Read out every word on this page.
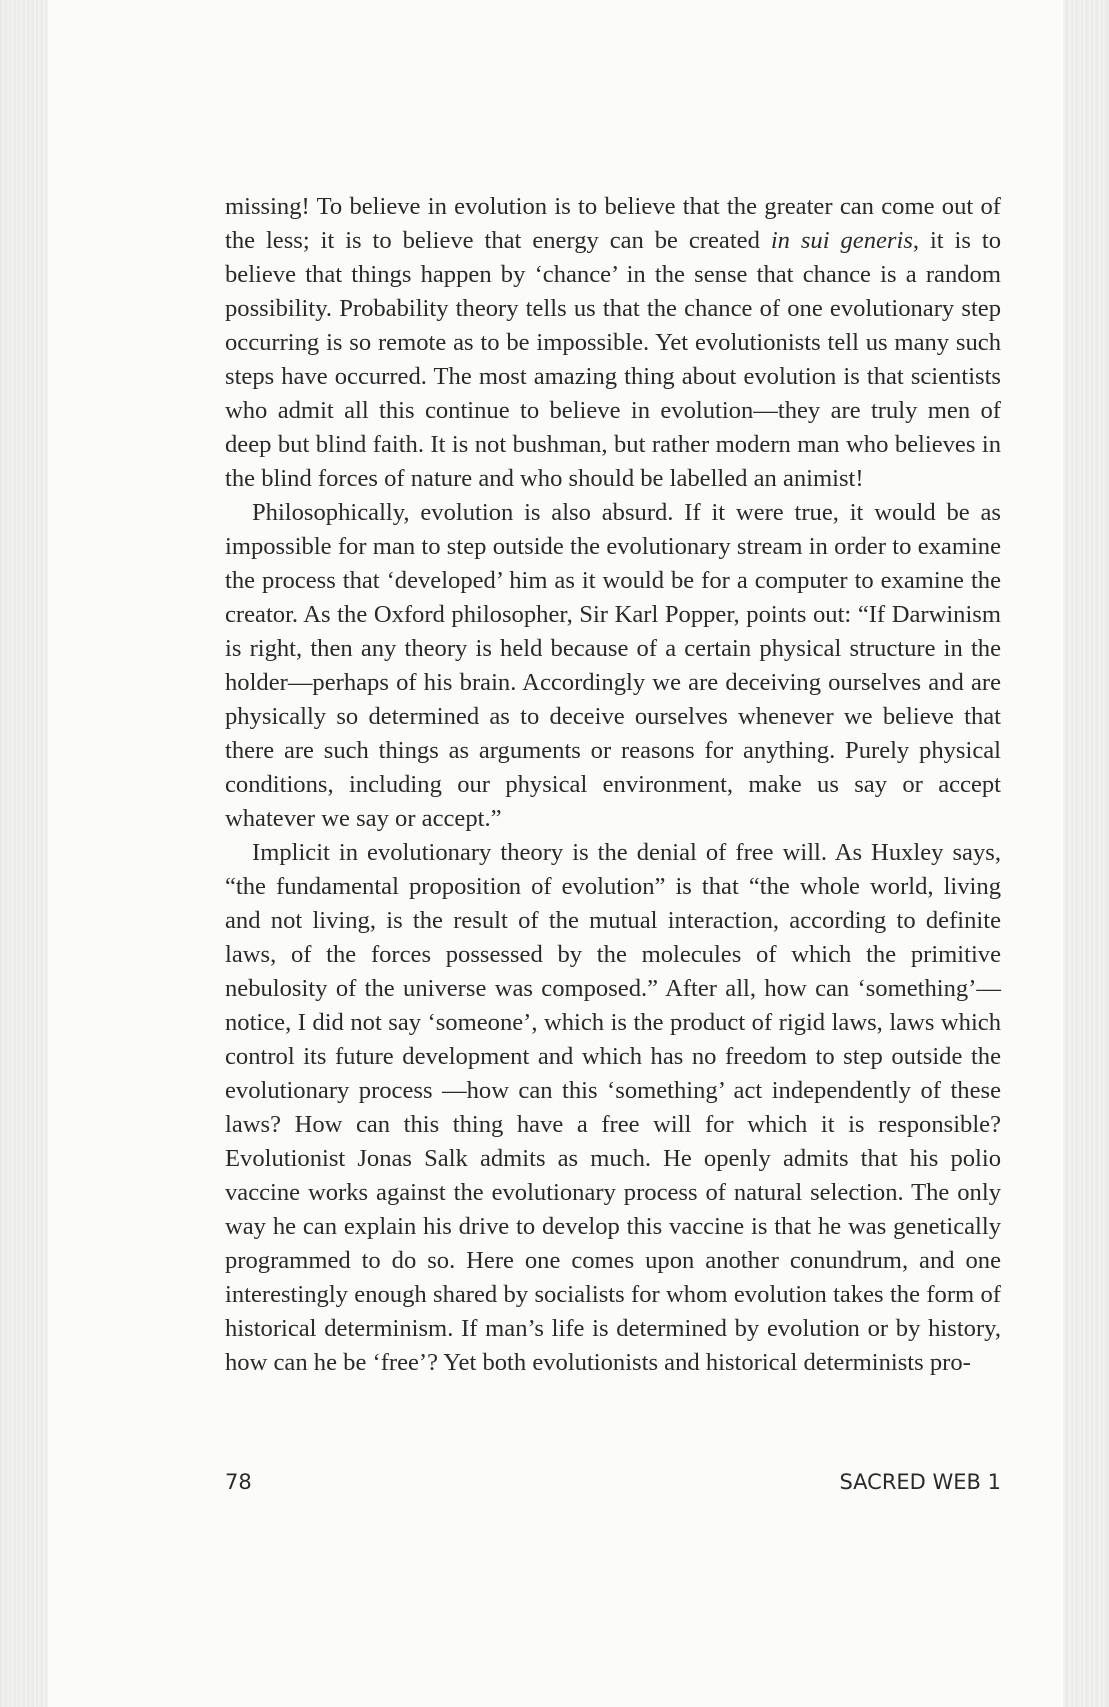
missing! To believe in evolution is to believe that the greater can come out of the less; it is to believe that energy can be created in sui generis, it is to believe that things happen by ‘chance’ in the sense that chance is a random possibility. Probability theory tells us that the chance of one evolutionary step occurring is so remote as to be impossible. Yet evolutionists tell us many such steps have occurred. The most amazing thing about evolution is that scientists who admit all this continue to believe in evolution—they are truly men of deep but blind faith. It is not bushman, but rather modern man who believes in the blind forces of nature and who should be labelled an animist!

Philosophically, evolution is also absurd. If it were true, it would be as impossible for man to step outside the evolutionary stream in order to examine the process that ‘developed’ him as it would be for a computer to examine the creator. As the Oxford philosopher, Sir Karl Popper, points out: “If Darwinism is right, then any theory is held because of a certain physical structure in the holder—perhaps of his brain. Accordingly we are deceiving ourselves and are physically so determined as to deceive ourselves whenever we believe that there are such things as arguments or reasons for anything. Purely physical conditions, including our physical environment, make us say or accept whatever we say or accept.”

Implicit in evolutionary theory is the denial of free will. As Huxley says, “the fundamental proposition of evolution” is that “the whole world, living and not living, is the result of the mutual interaction, according to definite laws, of the forces possessed by the molecules of which the primitive nebulosity of the universe was composed.” After all, how can ‘something’—notice, I did not say ‘someone’, which is the product of rigid laws, laws which control its future development and which has no freedom to step outside the evolutionary process —how can this ‘something’ act independently of these laws? How can this thing have a free will for which it is responsible? Evolutionist Jonas Salk admits as much. He openly admits that his polio vaccine works against the evolutionary process of natural selection. The only way he can explain his drive to develop this vaccine is that he was genetically programmed to do so. Here one comes upon another conundrum, and one interestingly enough shared by socialists for whom evolution takes the form of historical determinism. If man’s life is determined by evolution or by history, how can he be ‘free’? Yet both evolutionists and historical determinists pro-

78	SACRED WEB 1
